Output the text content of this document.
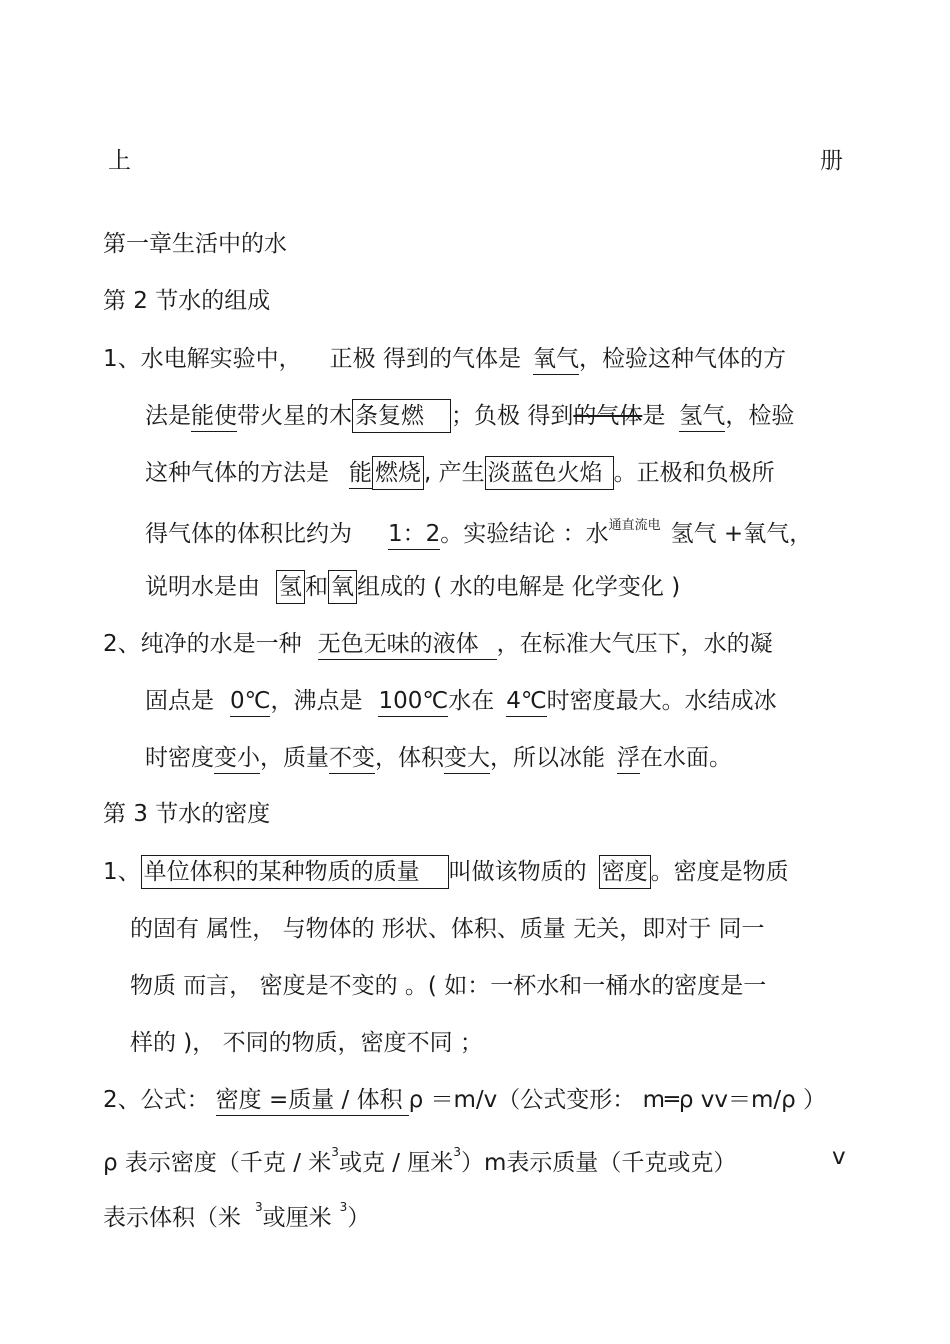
上	册
第一章生活中的水
第 2 节水的组成
1、水电解实验中， 正极 得到的气体是 氧气，检验这种气体的方
法是能使带火星的木 条复燃 ；负极 得到的气体是 氢气，检验
这种气体的方法是 能 燃烧 , 产生 淡蓝色火焰 。正极和负极所
得气体的体积比约为 1：2。实验结论 ：水$^{通直流电}$ 氢气 +氧气，
说明水是由 氢 和 氧 组成的 ( 水的电解是 化学变化 )
2、纯净的水是一种 无色无味的液体 ，在标准大气压下，水的凝
固点是 0℃，沸点是 100℃水在 4℃时密度最大。水结成冰
时密度变小，质量不变，体积变大，所以冰能 浮在水面。
第 3 节水的密度
1、 单位体积的某种物质的质量 叫做该物质的 密度 。密度是物质
的固有 属性， 与物体的 形状、体积、质量 无关，即对于 同一
物质 而言， 密度是不变的 。( 如：一杯水和一桶水的密度是一
样的 )， 不同的物质，密度不同 ；
2、公式： 密度 =质量 / 体积 ρ ＝m/v（公式变形： m═ρ vv＝m/ρ ）
ρ 表示密度（千克 / 米$^3$或克 / 厘米$^3$）m表示质量（千克或克）	v
表示体积（米 $^3$或厘米 $^3$）
